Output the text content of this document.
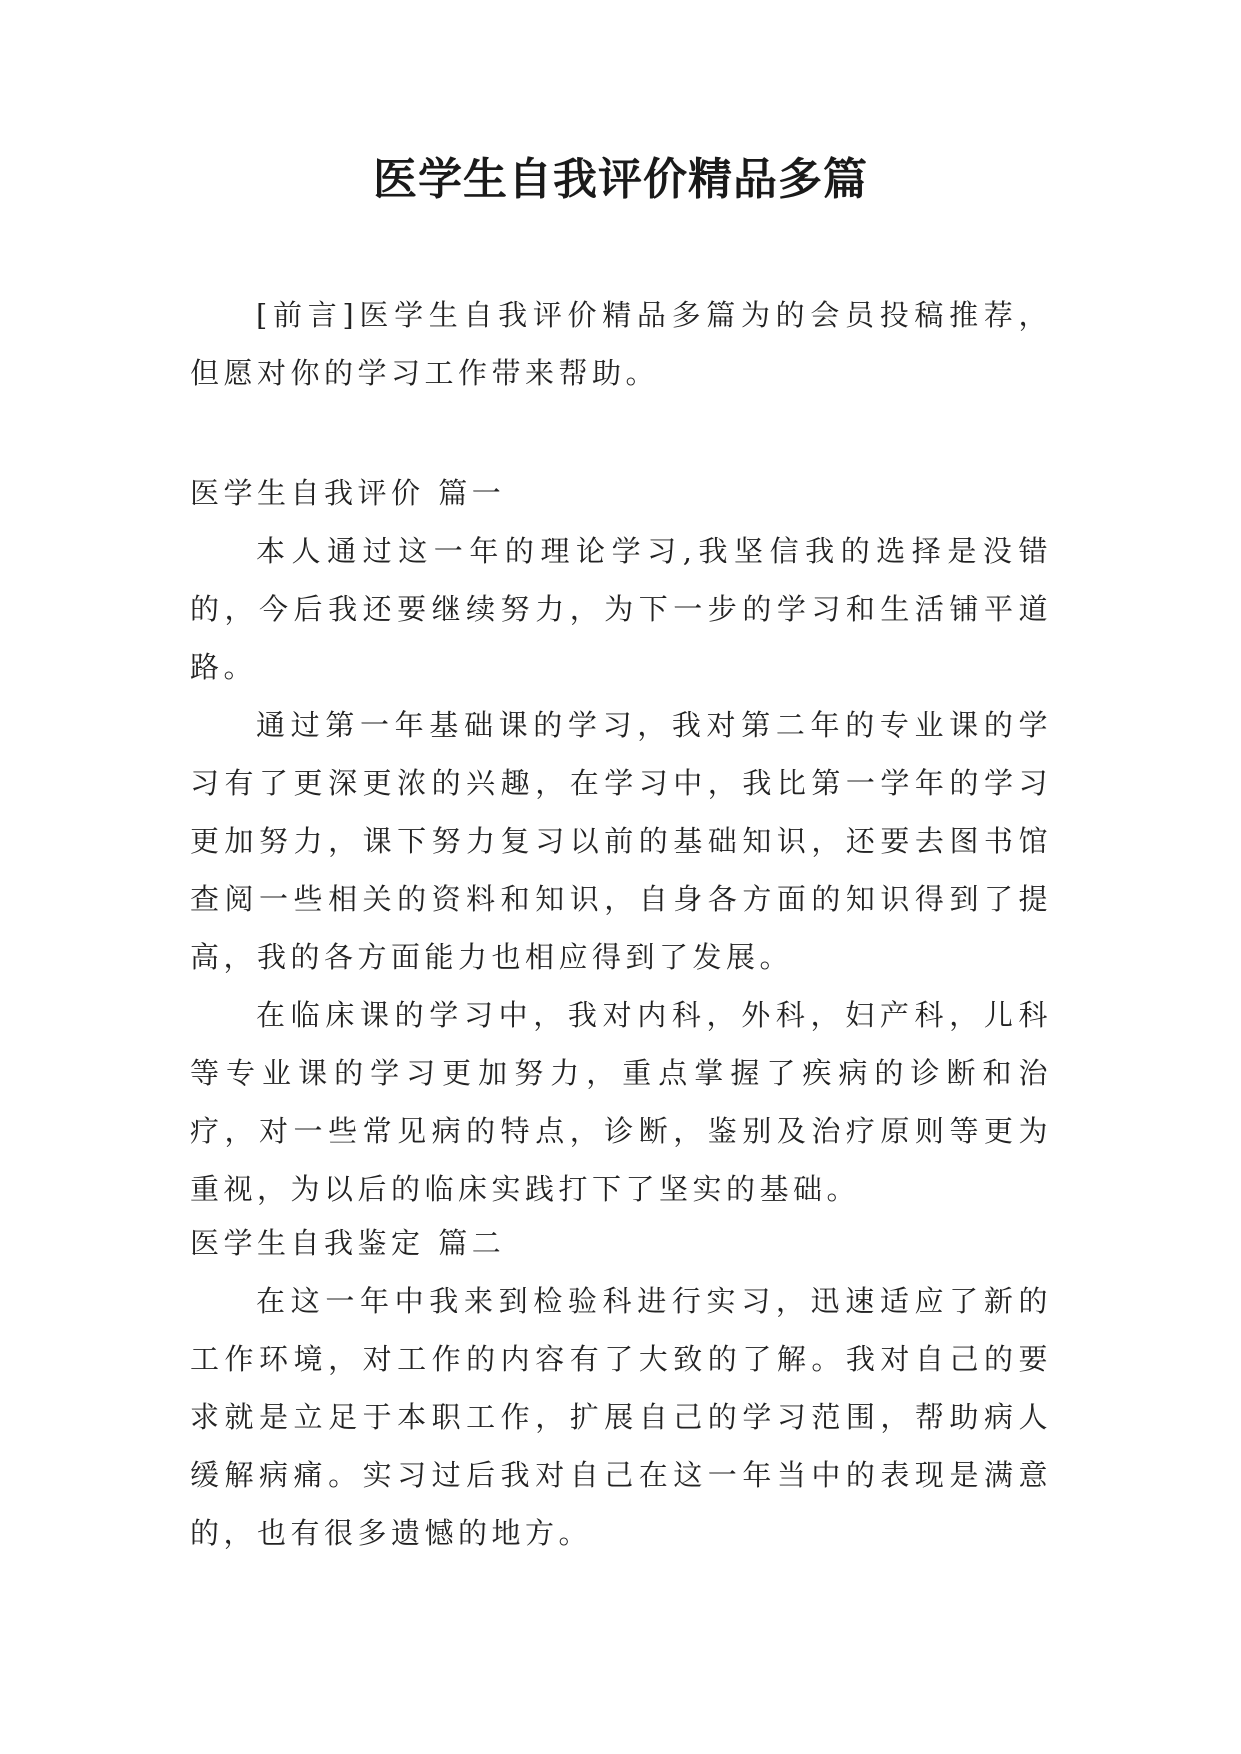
医学生自我评价精品多篇

[前言]医学生自我评价精品多篇为的会员投稿推荐，但愿对你的学习工作带来帮助。

医学生自我评价 篇一

本人通过这一年的理论学习,我坚信我的选择是没错的，今后我还要继续努力，为下一步的学习和生活铺平道路。

通过第一年基础课的学习，我对第二年的专业课的学习有了更深更浓的兴趣，在学习中，我比第一学年的学习更加努力，课下努力复习以前的基础知识，还要去图书馆查阅一些相关的资料和知识，自身各方面的知识得到了提高，我的各方面能力也相应得到了发展。

在临床课的学习中，我对内科，外科，妇产科，儿科等专业课的学习更加努力，重点掌握了疾病的诊断和治疗，对一些常见病的特点，诊断，鉴别及治疗原则等更为重视，为以后的临床实践打下了坚实的基础。

医学生自我鉴定 篇二

在这一年中我来到检验科进行实习，迅速适应了新的工作环境，对工作的内容有了大致的了解。我对自己的要求就是立足于本职工作，扩展自己的学习范围，帮助病人缓解病痛。实习过后我对自己在这一年当中的表现是满意的，也有很多遗憾的地方。
